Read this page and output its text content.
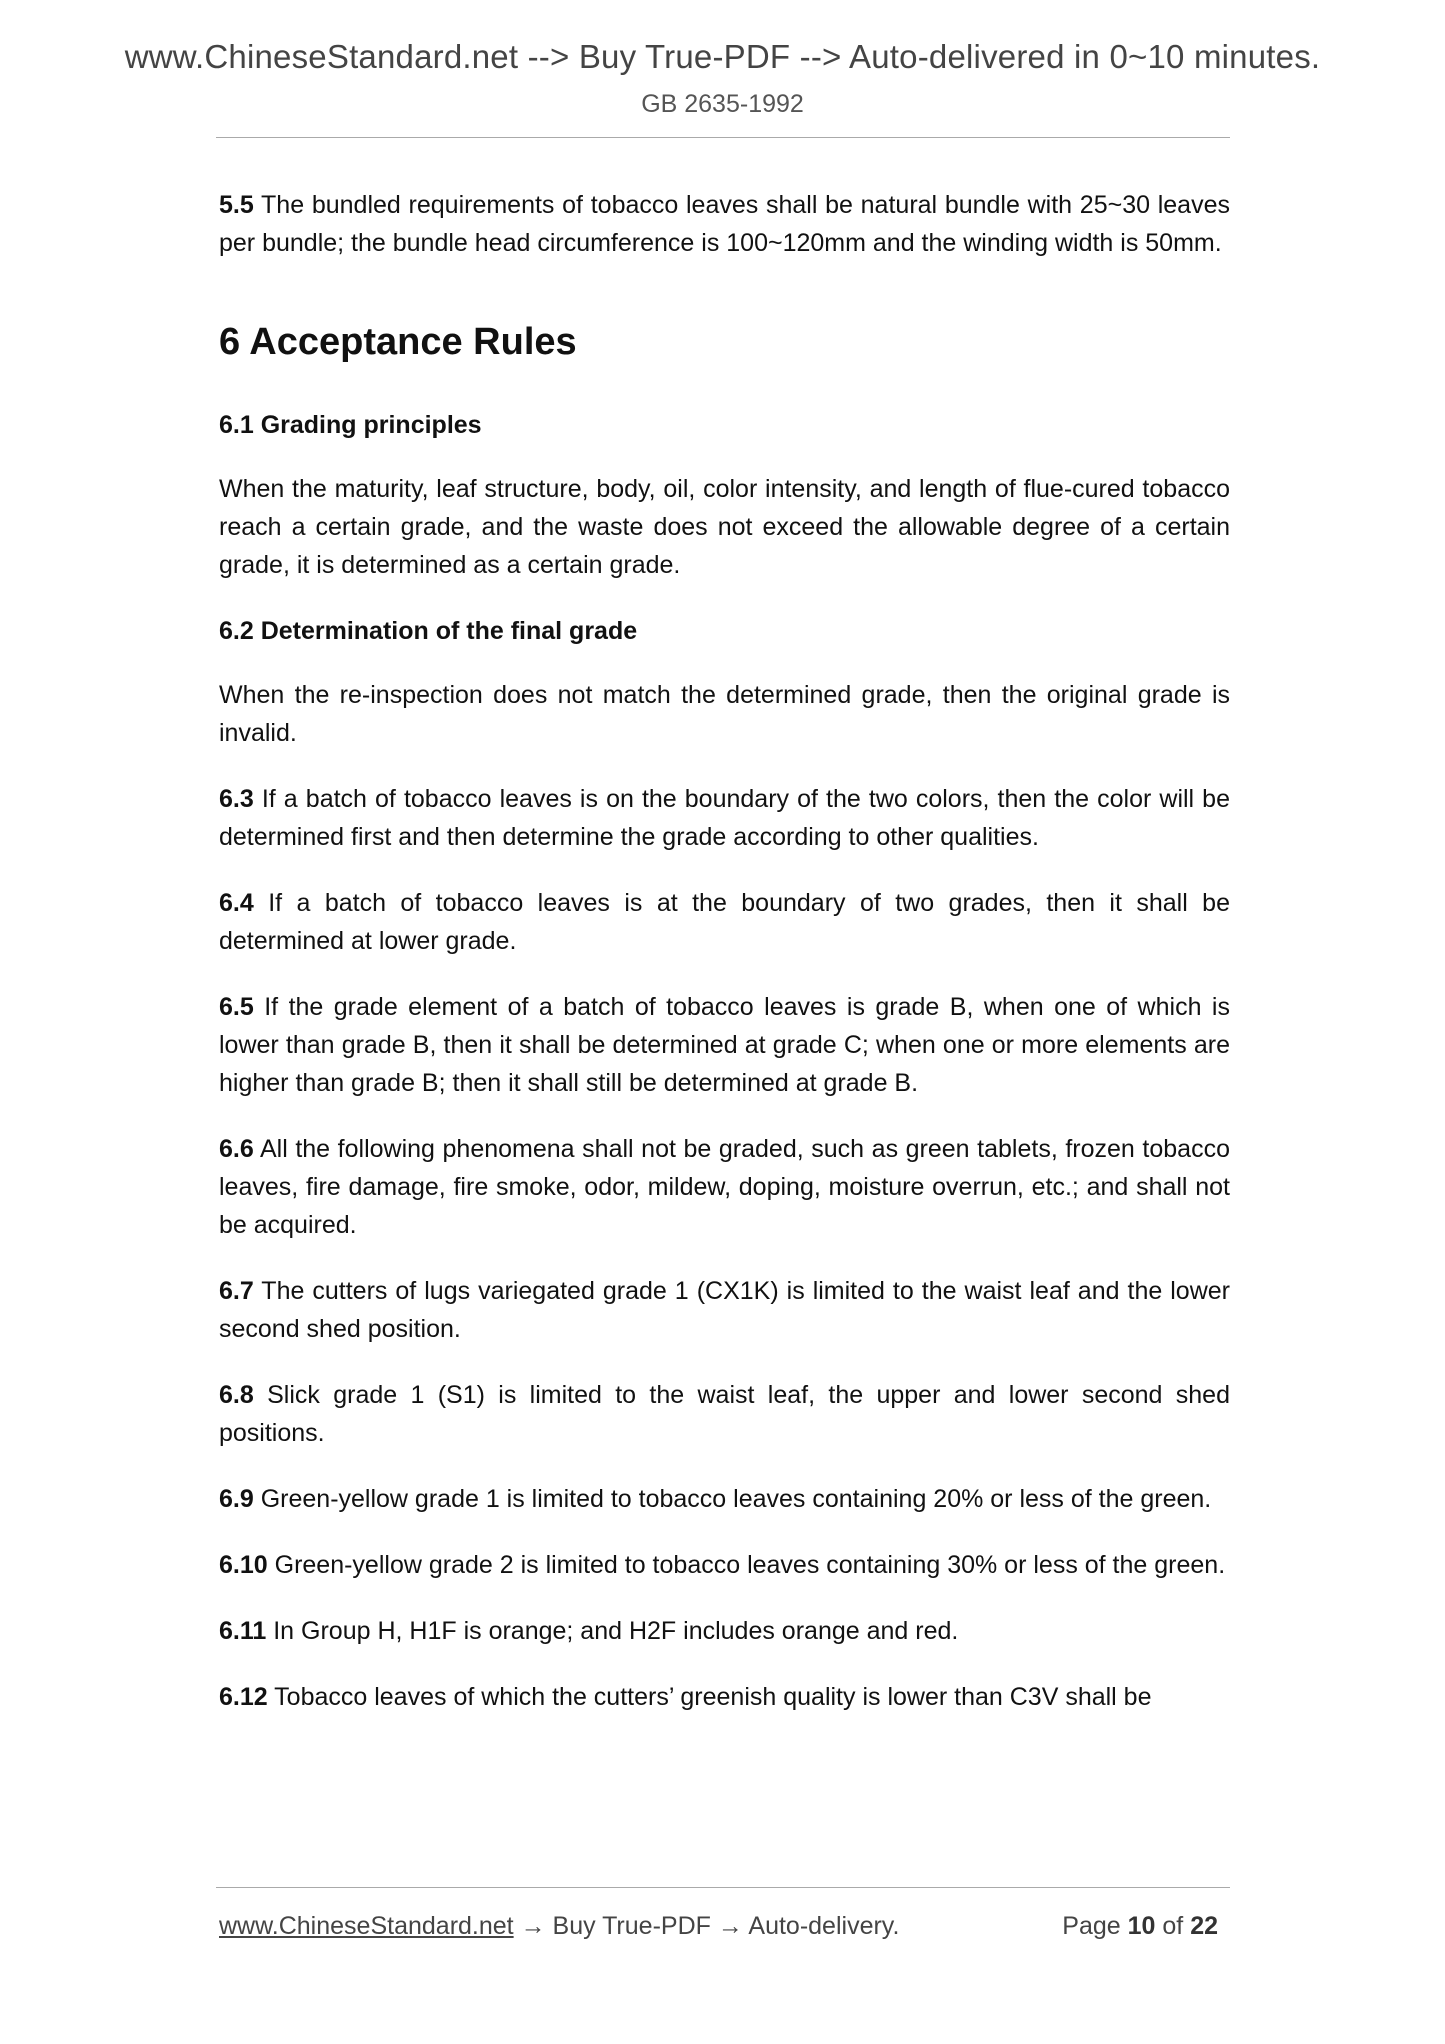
www.ChineseStandard.net --> Buy True-PDF --> Auto-delivered in 0~10 minutes.
GB 2635-1992

5.5 The bundled requirements of tobacco leaves shall be natural bundle with 25~30 leaves per bundle; the bundle head circumference is 100~120mm and the winding width is 50mm.

6 Acceptance Rules
6.1 Grading principles

When the maturity, leaf structure, body, oil, color intensity, and length of flue-cured tobacco reach a certain grade, and the waste does not exceed the allowable degree of a certain grade, it is determined as a certain grade.

6.2 Determination of the final grade

When the re-inspection does not match the determined grade, then the original grade is invalid.

6.3 If a batch of tobacco leaves is on the boundary of the two colors, then the color will be determined first and then determine the grade according to other qualities.

6.4 If a batch of tobacco leaves is at the boundary of two grades, then it shall be determined at lower grade.

6.5 If the grade element of a batch of tobacco leaves is grade B, when one of which is lower than grade B, then it shall be determined at grade C; when one or more elements are higher than grade B; then it shall still be determined at grade B.

6.6 All the following phenomena shall not be graded, such as green tablets, frozen tobacco leaves, fire damage, fire smoke, odor, mildew, doping, moisture overrun, etc.; and shall not be acquired.

6.7 The cutters of lugs variegated grade 1 (CX1K) is limited to the waist leaf and the lower second shed position.

6.8 Slick grade 1 (S1) is limited to the waist leaf, the upper and lower second shed positions.

6.9 Green-yellow grade 1 is limited to tobacco leaves containing 20% or less of the green.

6.10 Green-yellow grade 2 is limited to tobacco leaves containing 30% or less of the green.

6.11 In Group H, H1F is orange; and H2F includes orange and red.

6.12 Tobacco leaves of which the cutters’ greenish quality is lower than C3V shall be

www.ChineseStandard.net → Buy True-PDF → Auto-delivery.	Page 10 of 22
